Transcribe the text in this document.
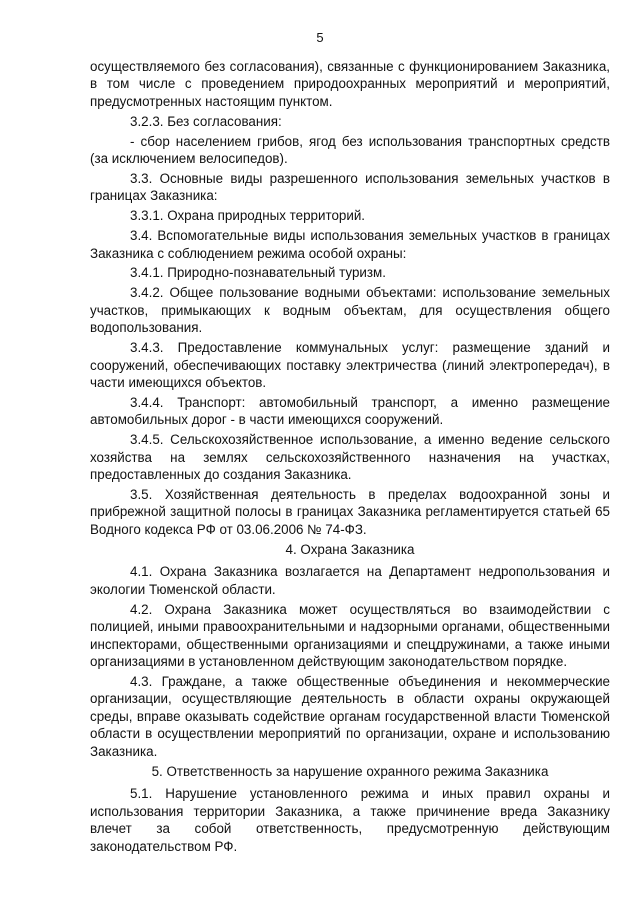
5

осуществляемого без согласования), связанные с функционированием Заказника, в том числе с проведением природоохранных мероприятий и мероприятий, предусмотренных настоящим пунктом.

3.2.3. Без согласования:

- сбор населением грибов, ягод без использования транспортных средств (за исключением велосипедов).

3.3. Основные виды разрешенного использования земельных участков в границах Заказника:

3.3.1. Охрана природных территорий.

3.4. Вспомогательные виды использования земельных участков в границах Заказника с соблюдением режима особой охраны:

3.4.1. Природно-познавательный туризм.

3.4.2. Общее пользование водными объектами: использование земельных участков, примыкающих к водным объектам, для осуществления общего водопользования.

3.4.3. Предоставление коммунальных услуг: размещение зданий и сооружений, обеспечивающих поставку электричества (линий электропередач), в части имеющихся объектов.

3.4.4. Транспорт: автомобильный транспорт, а именно размещение автомобильных дорог - в части имеющихся сооружений.

3.4.5. Сельскохозяйственное использование, а именно ведение сельского хозяйства на землях сельскохозяйственного назначения на участках, предоставленных до создания Заказника.

3.5. Хозяйственная деятельность в пределах водоохранной зоны и прибрежной защитной полосы в границах Заказника регламентируется статьей 65 Водного кодекса РФ от 03.06.2006 № 74-ФЗ.

4. Охрана Заказника

4.1. Охрана Заказника возлагается на Департамент недропользования и экологии Тюменской области.

4.2. Охрана Заказника может осуществляться во взаимодействии с полицией, иными правоохранительными и надзорными органами, общественными инспекторами, общественными организациями и спецдружинами, а также иными организациями в установленном действующим законодательством порядке.

4.3. Граждане, а также общественные объединения и некоммерческие организации, осуществляющие деятельность в области охраны окружающей среды, вправе оказывать содействие органам государственной власти Тюменской области в осуществлении мероприятий по организации, охране и использованию Заказника.

5. Ответственность за нарушение охранного режима Заказника

5.1. Нарушение установленного режима и иных правил охраны и использования территории Заказника, а также причинение вреда Заказнику влечет за собой ответственность, предусмотренную действующим законодательством РФ.
